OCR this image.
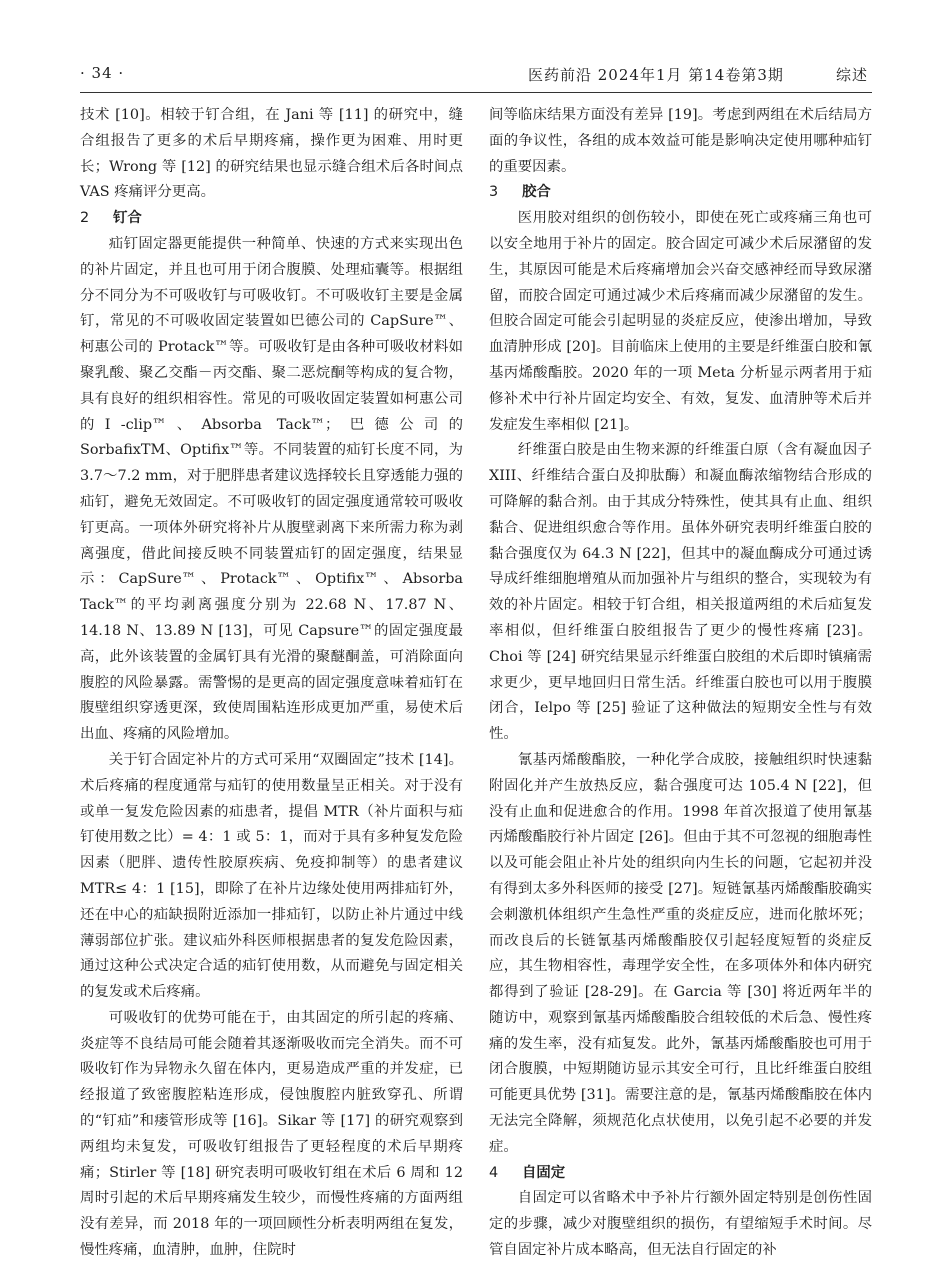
· 34 ·	医药前沿 2024年1月 第14卷第3期	综述

技术 [10]。相较于钉合组，在 Jani 等 [11] 的研究中，缝合组报告了更多的术后早期疼痛，操作更为困难、用时更长；Wrong 等 [12] 的研究结果也显示缝合组术后各时间点 VAS 疼痛评分更高。

2 钉合

疝钉固定器更能提供一种简单、快速的方式来实现出色的补片固定，并且也可用于闭合腹膜、处理疝囊等。根据组分不同分为不可吸收钉与可吸收钉。不可吸收钉主要是金属钉，常见的不可吸收固定装置如巴德公司的 CapSure™、柯惠公司的 Protack™等。可吸收钉是由各种可吸收材料如聚乳酸、聚乙交酯－丙交酯、聚二恶烷酮等构成的复合物，具有良好的组织相容性。常见的可吸收固定装置如柯惠公司的Ⅰ-clip™、Absorba Tack™；巴德公司的 SorbafixTM、Optifix™等。不同装置的疝钉长度不同，为 3.7～7.2 mm，对于肥胖患者建议选择较长且穿透能力强的疝钉，避免无效固定。不可吸收钉的固定强度通常较可吸收钉更高。一项体外研究将补片从腹壁剥离下来所需力称为剥离强度，借此间接反映不同装置疝钉的固定强度，结果显示：CapSure™、Protack™、Optifix™、Absorba Tack™的平均剥离强度分别为 22.68 N、17.87 N、14.18 N、13.89 N [13]，可见 Capsure™的固定强度最高，此外该装置的金属钉具有光滑的聚醚酮盖，可消除面向腹腔的风险暴露。需警惕的是更高的固定强度意味着疝钉在腹壁组织穿透更深，致使周围粘连形成更加严重，易使术后出血、疼痛的风险增加。

关于钉合固定补片的方式可采用“双圈固定”技术 [14]。术后疼痛的程度通常与疝钉的使用数量呈正相关。对于没有或单一复发危险因素的疝患者，提倡 MTR（补片面积与疝钉使用数之比）= 4：1 或 5：1，而对于具有多种复发危险因素（肥胖、遗传性胶原疾病、免疫抑制等）的患者建议 MTR≤ 4：1 [15]，即除了在补片边缘处使用两排疝钉外，还在中心的疝缺损附近添加一排疝钉，以防止补片通过中线薄弱部位扩张。建议疝外科医师根据患者的复发危险因素，通过这种公式决定合适的疝钉使用数，从而避免与固定相关的复发或术后疼痛。

可吸收钉的优势可能在于，由其固定的所引起的疼痛、炎症等不良结局可能会随着其逐渐吸收而完全消失。而不可吸收钉作为异物永久留在体内，更易造成严重的并发症，已经报道了致密腹腔粘连形成，侵蚀腹腔内脏致穿孔、所谓的“钉疝”和瘘管形成等 [16]。Sikar 等 [17] 的研究观察到两组均未复发，可吸收钉组报告了更轻程度的术后早期疼痛；Stirler 等 [18] 研究表明可吸收钉组在术后 6 周和 12 周时引起的术后早期疼痛发生较少，而慢性疼痛的方面两组没有差异，而 2018 年的一项回顾性分析表明两组在复发，慢性疼痛，血清肿，血肿，住院时

间等临床结果方面没有差异 [19]。考虑到两组在术后结局方面的争议性，各组的成本效益可能是影响决定使用哪种疝钉的重要因素。

3 胶合

医用胶对组织的创伤较小，即使在死亡或疼痛三角也可以安全地用于补片的固定。胶合固定可减少术后尿潴留的发生，其原因可能是术后疼痛增加会兴奋交感神经而导致尿潴留，而胶合固定可通过减少术后疼痛而减少尿潴留的发生。但胶合固定可能会引起明显的炎症反应，使渗出增加，导致血清肿形成 [20]。目前临床上使用的主要是纤维蛋白胶和氰基丙烯酸酯胶。2020 年的一项 Meta 分析显示两者用于疝修补术中行补片固定均安全、有效，复发、血清肿等术后并发症发生率相似 [21]。

纤维蛋白胶是由生物来源的纤维蛋白原（含有凝血因子XIII、纤维结合蛋白及抑肽酶）和凝血酶浓缩物结合形成的可降解的黏合剂。由于其成分特殊性，使其具有止血、组织黏合、促进组织愈合等作用。虽体外研究表明纤维蛋白胶的黏合强度仅为 64.3 N [22]，但其中的凝血酶成分可通过诱导成纤维细胞增殖从而加强补片与组织的整合，实现较为有效的补片固定。相较于钉合组，相关报道两组的术后疝复发率相似，但纤维蛋白胶组报告了更少的慢性疼痛 [23]。Choi 等 [24] 研究结果显示纤维蛋白胶组的术后即时镇痛需求更少，更早地回归日常生活。纤维蛋白胶也可以用于腹膜闭合，Ielpo 等 [25] 验证了这种做法的短期安全性与有效性。

氰基丙烯酸酯胶，一种化学合成胶，接触组织时快速黏附固化并产生放热反应，黏合强度可达 105.4 N [22]，但没有止血和促进愈合的作用。1998 年首次报道了使用氰基丙烯酸酯胶行补片固定 [26]。但由于其不可忽视的细胞毒性以及可能会阻止补片处的组织向内生长的问题，它起初并没有得到太多外科医师的接受 [27]。短链氰基丙烯酸酯胶确实会刺激机体组织产生急性严重的炎症反应，进而化脓坏死；而改良后的长链氰基丙烯酸酯胶仅引起轻度短暂的炎症反应，其生物相容性，毒理学安全性，在多项体外和体内研究都得到了验证 [28-29]。在 Garcia 等 [30] 将近两年半的随访中，观察到氰基丙烯酸酯胶合组较低的术后急、慢性疼痛的发生率，没有疝复发。此外，氰基丙烯酸酯胶也可用于闭合腹膜，中短期随访显示其安全可行，且比纤维蛋白胶组可能更具优势 [31]。需要注意的是，氰基丙烯酸酯胶在体内无法完全降解，须规范化点状使用，以免引起不必要的并发症。

4 自固定

自固定可以省略术中予补片行额外固定特别是创伤性固定的步骤，减少对腹壁组织的损伤，有望缩短手术时间。尽管自固定补片成本略高，但无法自行固定的补
